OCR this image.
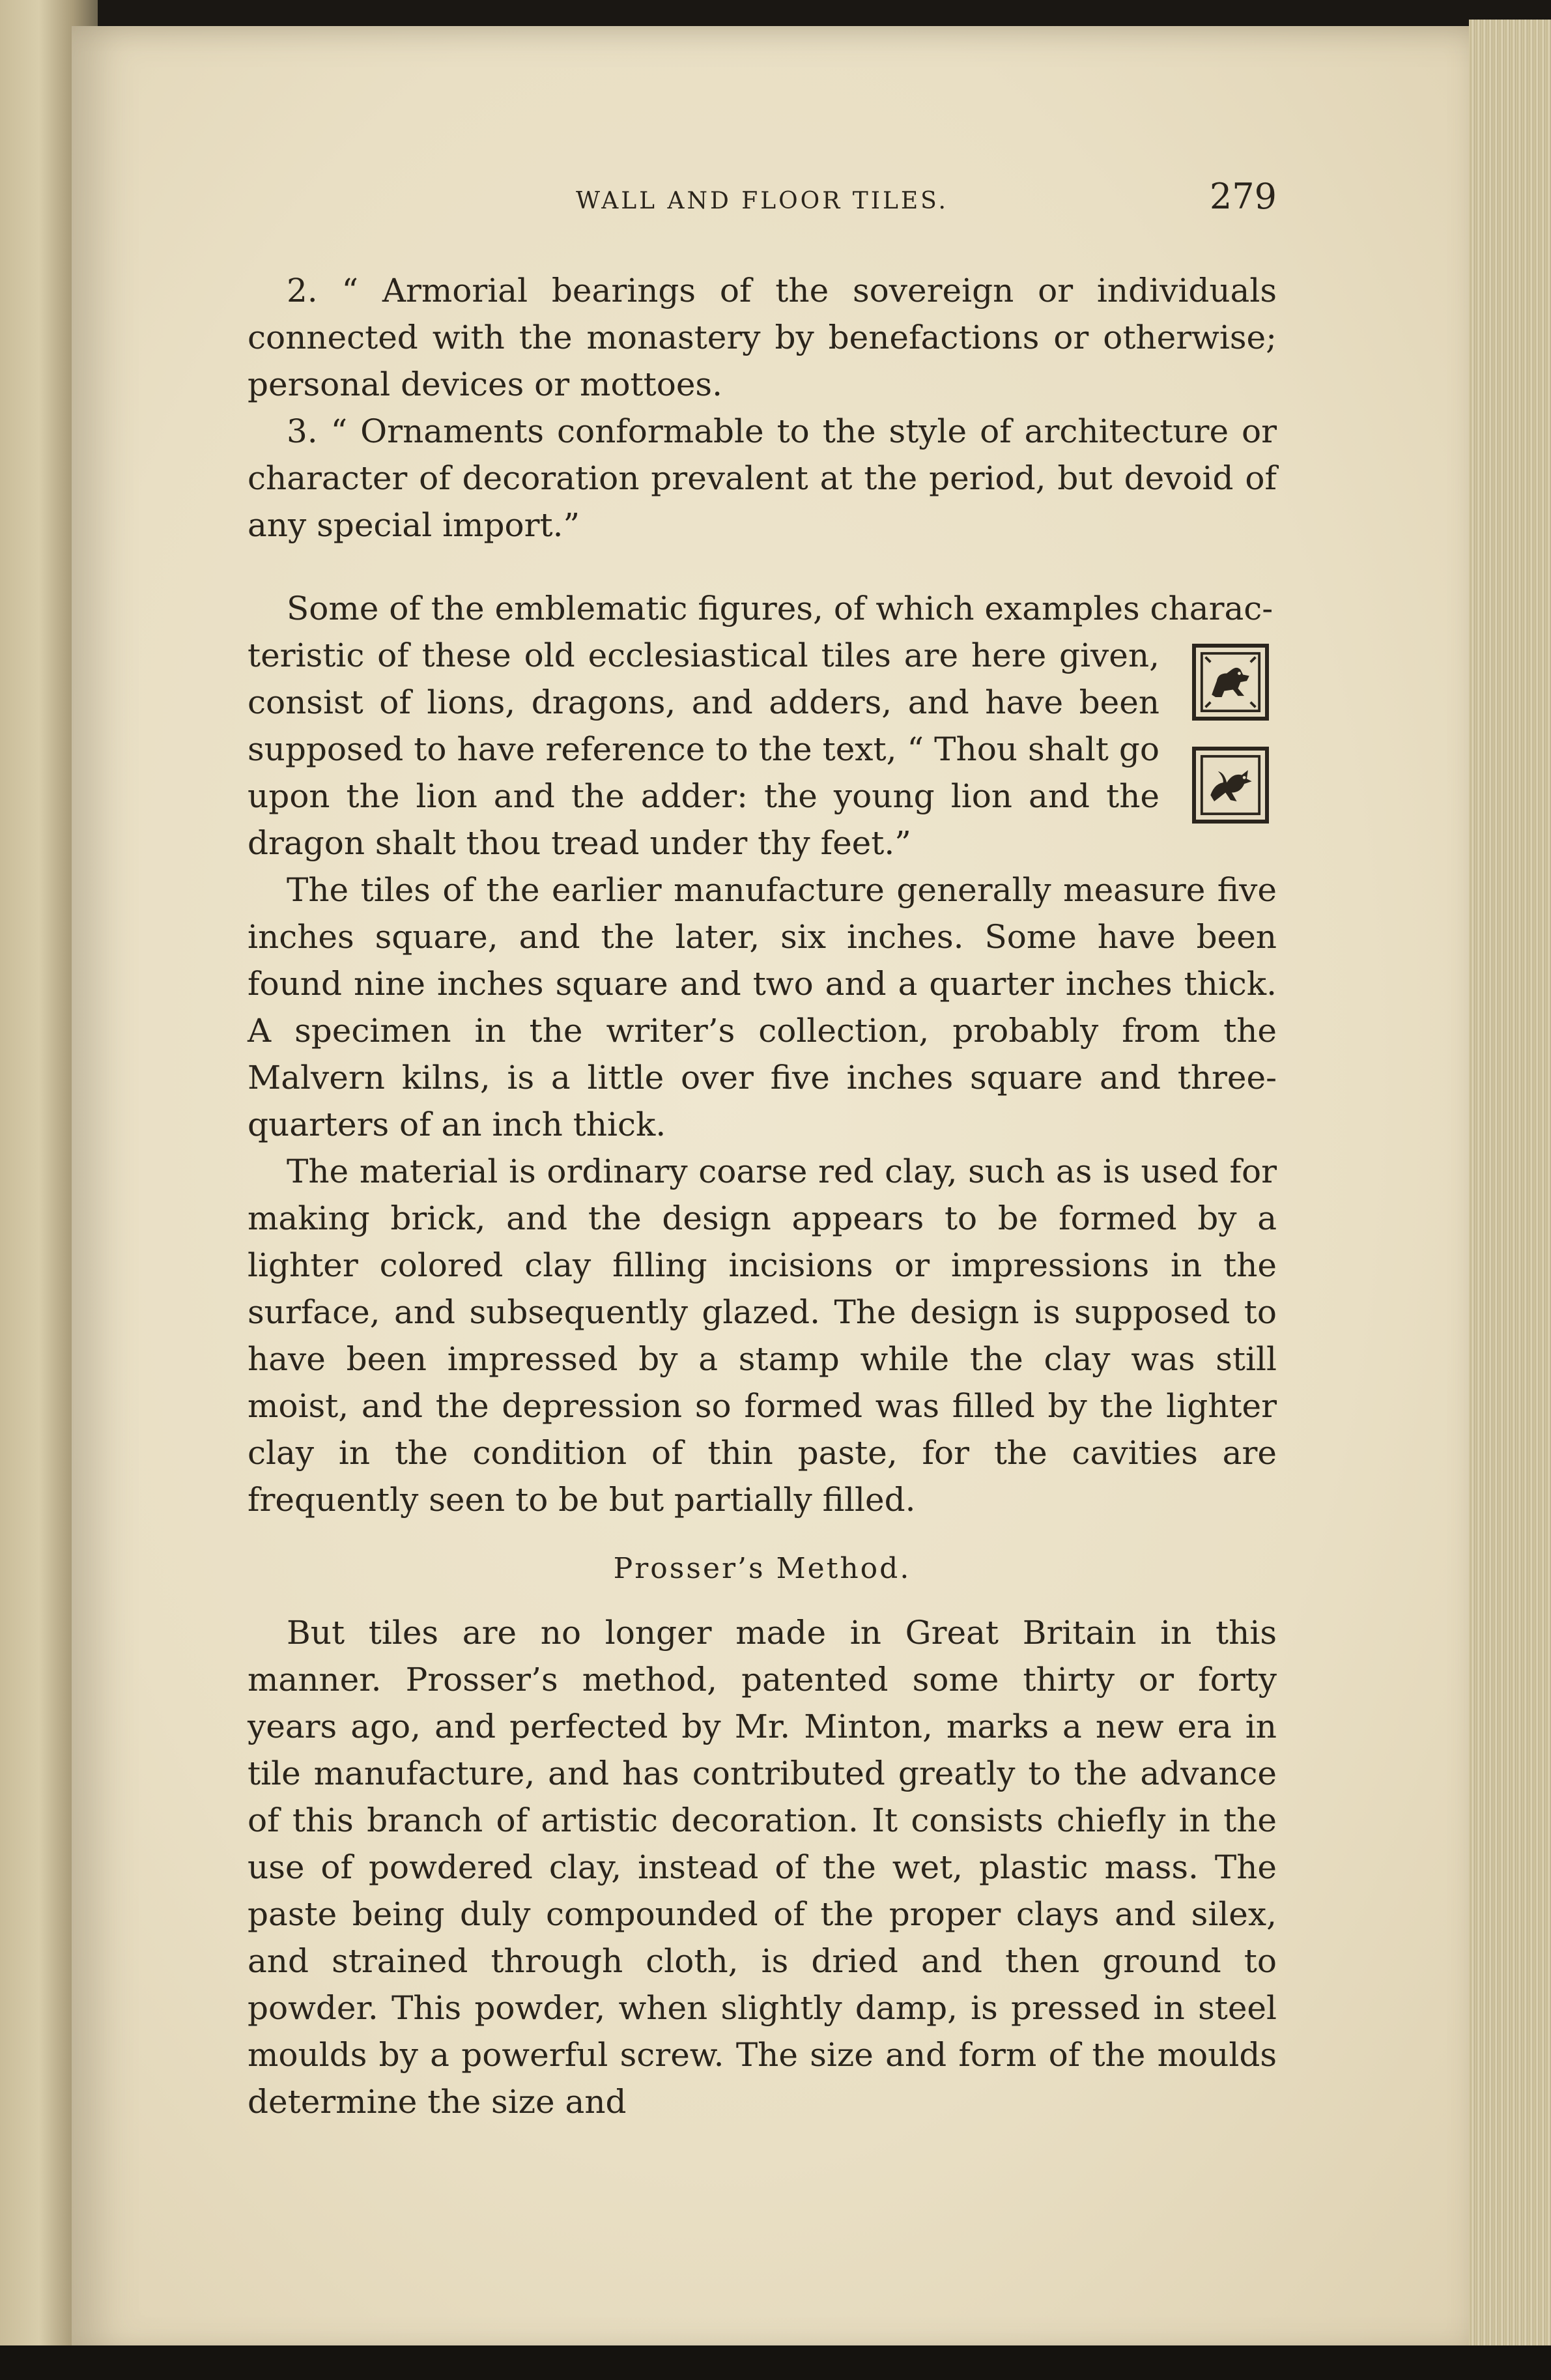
WALL AND FLOOR TILES.	279

2. “ Armorial bearings of the sovereign or individuals connected with the monastery by benefactions or otherwise; personal devices or mottoes.

3. “ Ornaments conformable to the style of architecture or character of decoration prevalent at the period, but devoid of any special import.”

Some of the emblematic figures, of which examples charac-

teristic of these old ecclesiastical tiles are here given, consist of lions, dragons, and adders, and have been supposed to have reference to the text, “ Thou shalt go upon the lion and the adder: the young lion and the dragon shalt thou tread under thy feet.”

The tiles of the earlier manufacture generally measure five inches square, and the later, six inches. Some have been found nine inches square and two and a quarter inches thick. A specimen in the writer’s collection, probably from the Malvern kilns, is a little over five inches square and three-quarters of an inch thick.

The material is ordinary coarse red clay, such as is used for making brick, and the design appears to be formed by a lighter colored clay filling incisions or impressions in the surface, and subsequently glazed. The design is supposed to have been impressed by a stamp while the clay was still moist, and the depression so formed was filled by the lighter clay in the condition of thin paste, for the cavities are frequently seen to be but partially filled.

Prosser’s Method.

But tiles are no longer made in Great Britain in this manner. Prosser’s method, patented some thirty or forty years ago, and perfected by Mr. Minton, marks a new era in tile manufacture, and has contributed greatly to the advance of this branch of artistic decoration. It consists chiefly in the use of powdered clay, instead of the wet, plastic mass. The paste being duly compounded of the proper clays and silex, and strained through cloth, is dried and then ground to powder. This powder, when slightly damp, is pressed in steel moulds by a powerful screw. The size and form of the moulds determine the size and
